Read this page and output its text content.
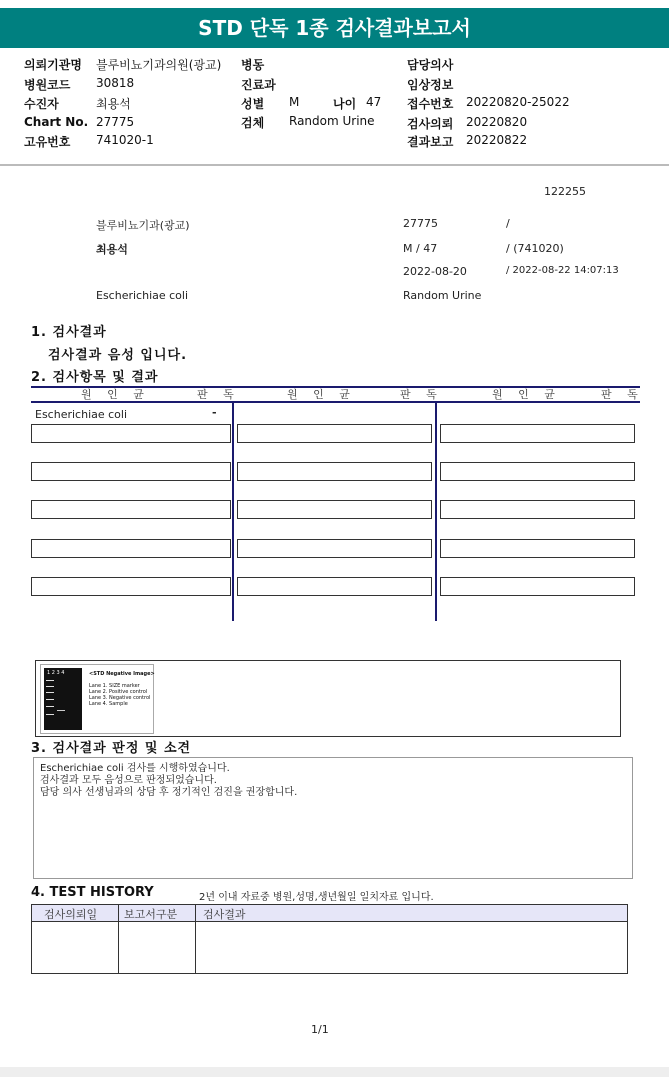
STD 단독 1종 검사결과보고서
의뢰기관명 블루비뇨기과의원(광교) 병동	담당의사
병원코드 30818	진료과	임상정보
수진자	최용석	성별 M	나이 47 접수번호 20220820-25022
Chart No. 27775	검체 Random Urine	검사의뢰 20220820
고유번호 741020-1	결과보고 20220822
122255
블루비뇨기과(광교)	27775	/
최용석	M / 47	/ (741020)
2022-08-20	/ 2022-08-22 14:07:13
Escherichiae coli	Random Urine
1. 검사결과
검사결과 음성 입니다.
2. 검사항목 및 결과
원 인 균	판 독	원 인 균	판 독	원 인 균	판 독
Escherichiae coli	-
1 2 3 4	<STD Negative Image>
Lane 1. SIZE marker
Lane 2. Positive control
Lane 3. Negative control
Lane 4. Sample
3. 검사결과 판정 및 소견
Escherichiae coli 검사를 시행하였습니다.
검사결과 모두 음성으로 판정되었습니다.
담당 의사 선생님과의 상담 후 정기적인 검진을 권장합니다.
4. TEST HISTORY	2년 이내 자료중 병원,성명,생년월일 일치자료 입니다.
검사의뢰일 보고서구분 검사결과
1/1
